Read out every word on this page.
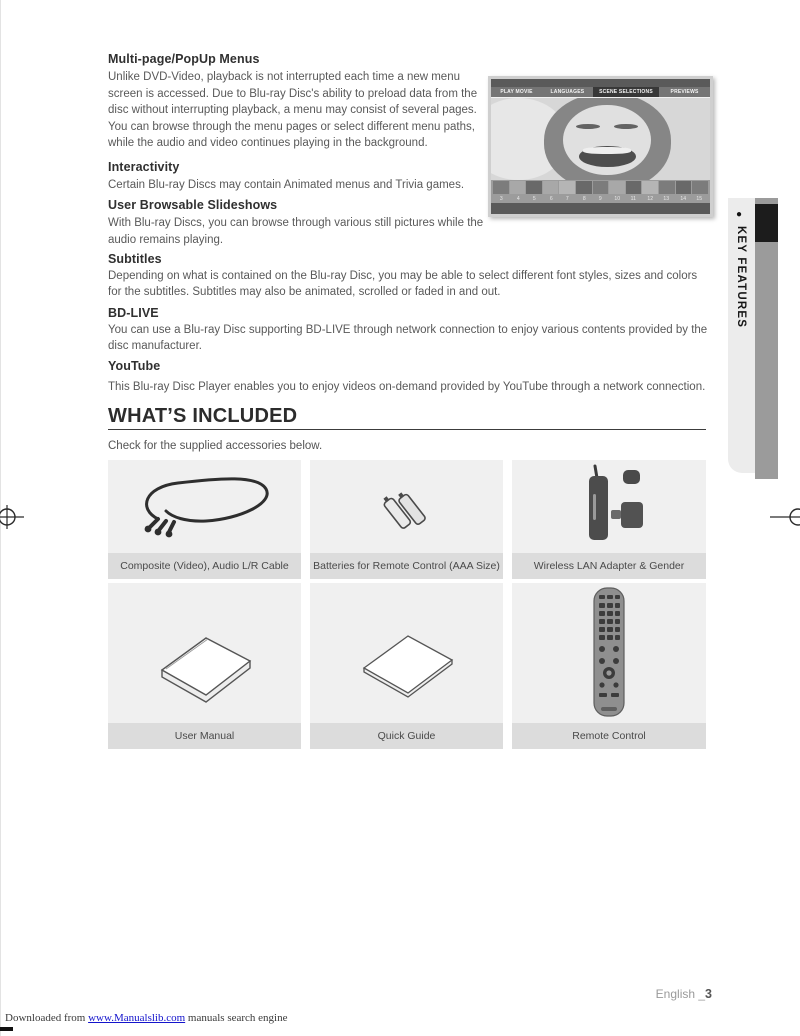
Multi-page/PopUp Menus

Unlike DVD-Video, playback is not interrupted each time a new menu screen is accessed. Due to Blu-ray Disc's ability to preload data from the disc without interrupting playback, a menu may consist of several pages. You can browse through the menu pages or select different menu paths, while the audio and video continues playing in the background.

Interactivity

Certain Blu-ray Discs may contain Animated menus and Trivia games.

User Browsable Slideshows

With Blu-ray Discs, you can browse through various still pictures while the audio remains playing.

Subtitles

Depending on what is contained on the Blu-ray Disc, you may be able to select different font styles, sizes and colors for the subtitles. Subtitles may also be animated, scrolled or faded in and out.

BD-LIVE

You can use a Blu-ray Disc supporting BD-LIVE through network connection to enjoy various contents provided by the disc manufacturer.

YouTube

This Blu-ray Disc Player enables you to enjoy videos on-demand provided by YouTube through a network connection.

PLAY MOVIE	LANGUAGES	SCENE SELECTIONS	PREVIEWS
3	4	5	6	7	8	9	10	11	12	13	14	15
●
KEY FEATURES
WHAT’S INCLUDED

Check for the supplied accessories below.

Composite (Video), Audio L/R Cable	Batteries for Remote Control (AAA Size)	Wireless LAN Adapter & Gender
User Manual	Quick Guide	Remote Control
English _3
Downloaded from www.Manualslib.com manuals search engine
